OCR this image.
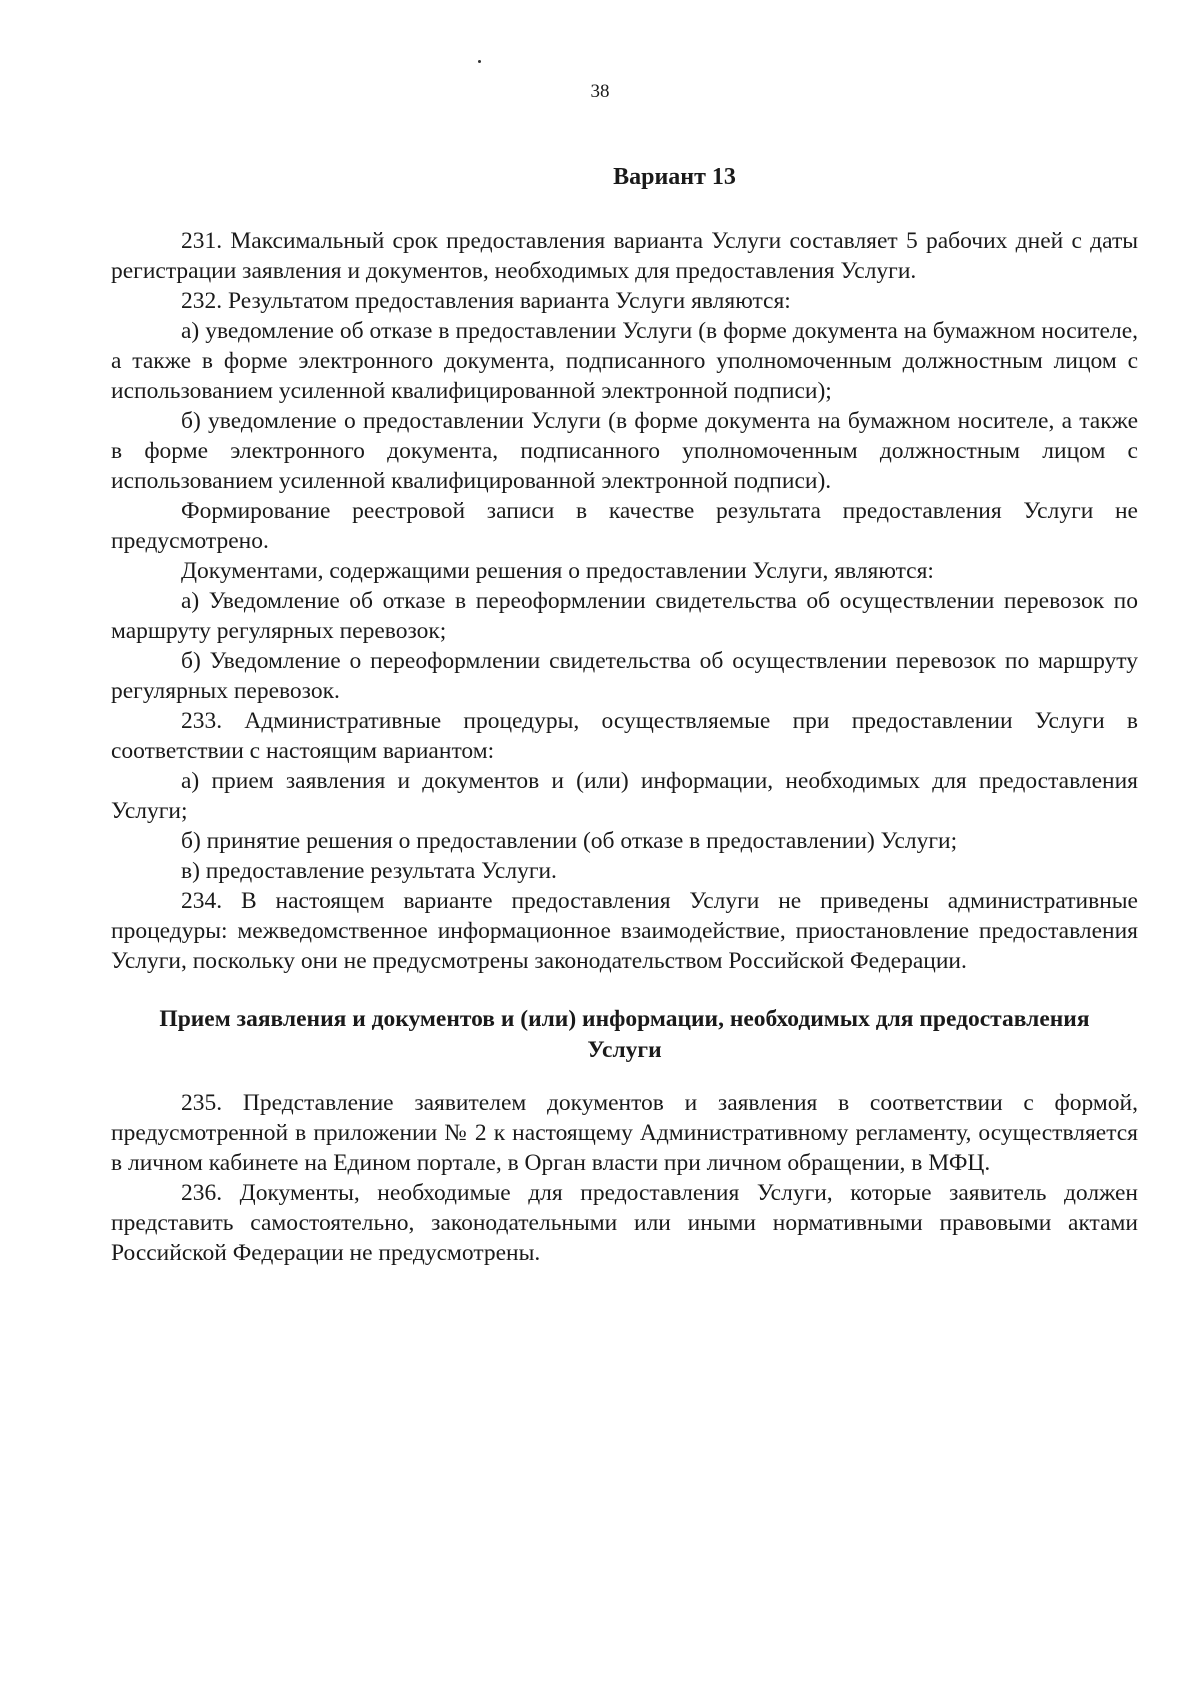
38
Вариант 13

231. Максимальный срок предоставления варианта Услуги составляет 5 рабочих дней с даты регистрации заявления и документов, необходимых для предоставления Услуги.

232. Результатом предоставления варианта Услуги являются:

а) уведомление об отказе в предоставлении Услуги (в форме документа на бумажном носителе, а также в форме электронного документа, подписанного уполномоченным должностным лицом с использованием усиленной квалифицированной электронной подписи);

б) уведомление о предоставлении Услуги (в форме документа на бумажном носителе, а также в форме электронного документа, подписанного уполномоченным должностным лицом с использованием усиленной квалифицированной электронной подписи).

Формирование реестровой записи в качестве результата предоставления Услуги не предусмотрено.

Документами, содержащими решения о предоставлении Услуги, являются:

а) Уведомление об отказе в переоформлении свидетельства об осуществлении перевозок по маршруту регулярных перевозок;

б) Уведомление о переоформлении свидетельства об осуществлении перевозок по маршруту регулярных перевозок.

233. Административные процедуры, осуществляемые при предоставлении Услуги в соответствии с настоящим вариантом:

а) прием заявления и документов и (или) информации, необходимых для предоставления Услуги;

б) принятие решения о предоставлении (об отказе в предоставлении) Услуги;

в) предоставление результата Услуги.

234. В настоящем варианте предоставления Услуги не приведены административные процедуры: межведомственное информационное взаимодействие, приостановление предоставления Услуги, поскольку они не предусмотрены законодательством Российской Федерации.

Прием заявления и документов и (или) информации, необходимых для предоставления Услуги

235. Представление заявителем документов и заявления в соответствии с формой, предусмотренной в приложении № 2 к настоящему Административному регламенту, осуществляется в личном кабинете на Едином портале, в Орган власти при личном обращении, в МФЦ.

236. Документы, необходимые для предоставления Услуги, которые заявитель должен представить самостоятельно, законодательными или иными нормативными правовыми актами Российской Федерации не предусмотрены.
